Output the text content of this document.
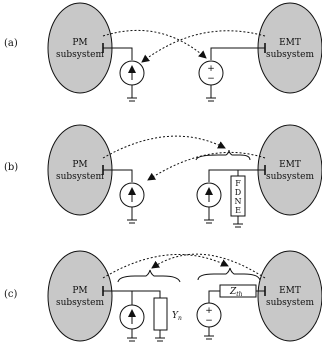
(a)	PM
subsystem
EMT
subsystem
+
−
(b)	PM
subsystem
EMT
subsystem
F
D
N
E
(c)	PM
subsystem
EMT
subsystem
$Y_n$
$Z_{th}$
+
−
